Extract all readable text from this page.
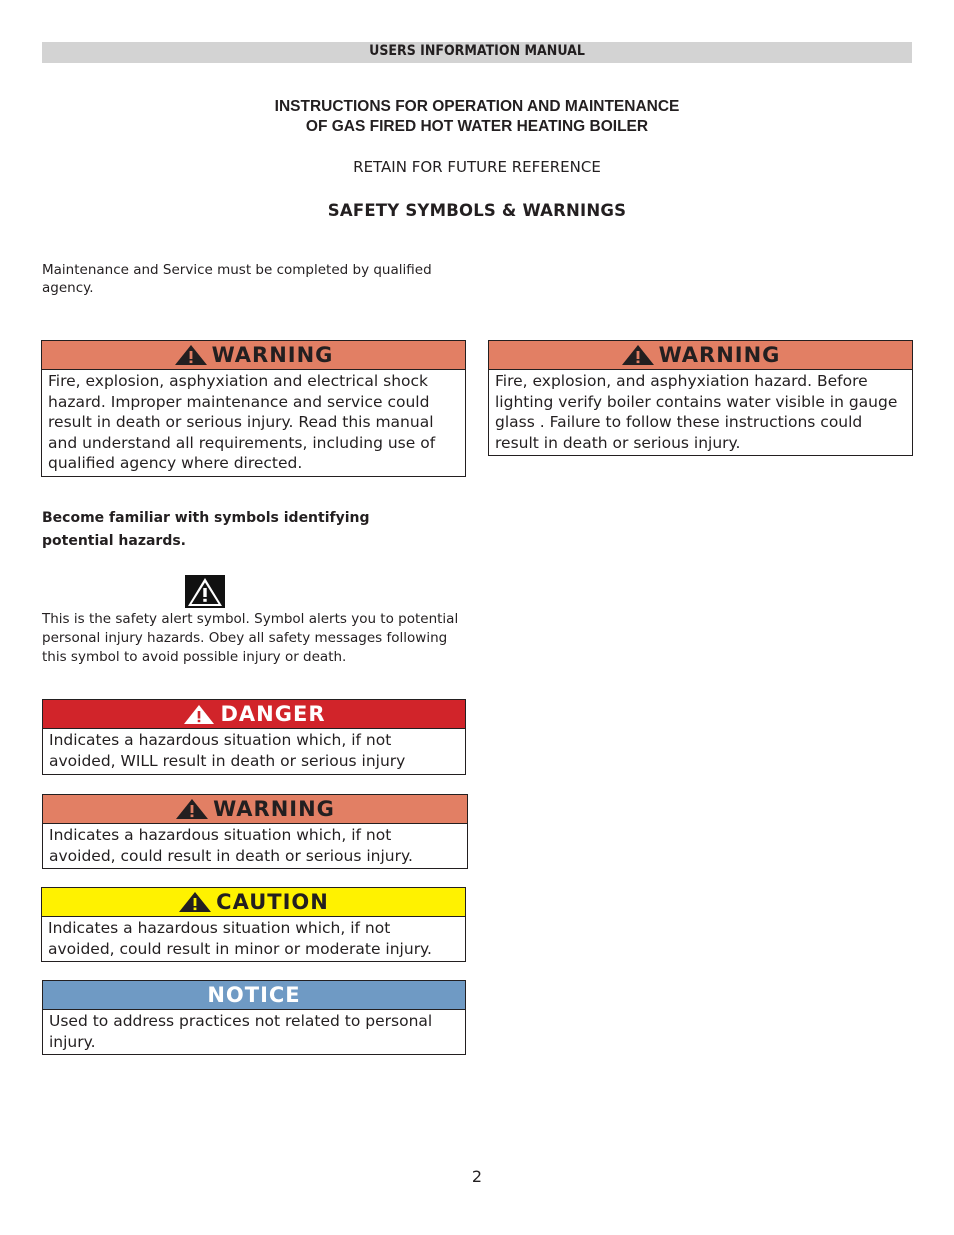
USERS INFORMATION MANUAL
INSTRUCTIONS FOR OPERATION AND MAINTENANCE
OF GAS FIRED HOT WATER HEATING BOILER
RETAIN FOR FUTURE REFERENCE
SAFETY SYMBOLS & WARNINGS
Maintenance and Service must be completed by qualified agency.
WARNING
Fire, explosion, asphyxiation and electrical shock hazard. Improper maintenance and service could result in death or serious injury. Read this manual and understand all requirements, including use of qualified agency where directed.
WARNING
Fire, explosion, and asphyxiation hazard. Before lighting verify boiler contains water visible in gauge glass . Failure to follow these instructions could result in death or serious injury.
Become familiar with symbols identifying
potential hazards.
This is the safety alert symbol. Symbol alerts you to potential personal injury hazards. Obey all safety messages following this symbol to avoid possible injury or death.
DANGER
Indicates a hazardous situation which, if not avoided, WILL result in death or serious injury
WARNING
Indicates a hazardous situation which, if not avoided, could result in death or serious injury.
CAUTION
Indicates a hazardous situation which, if not avoided, could result in minor or moderate injury.
NOTICE
Used to address practices not related to personal injury.
2
